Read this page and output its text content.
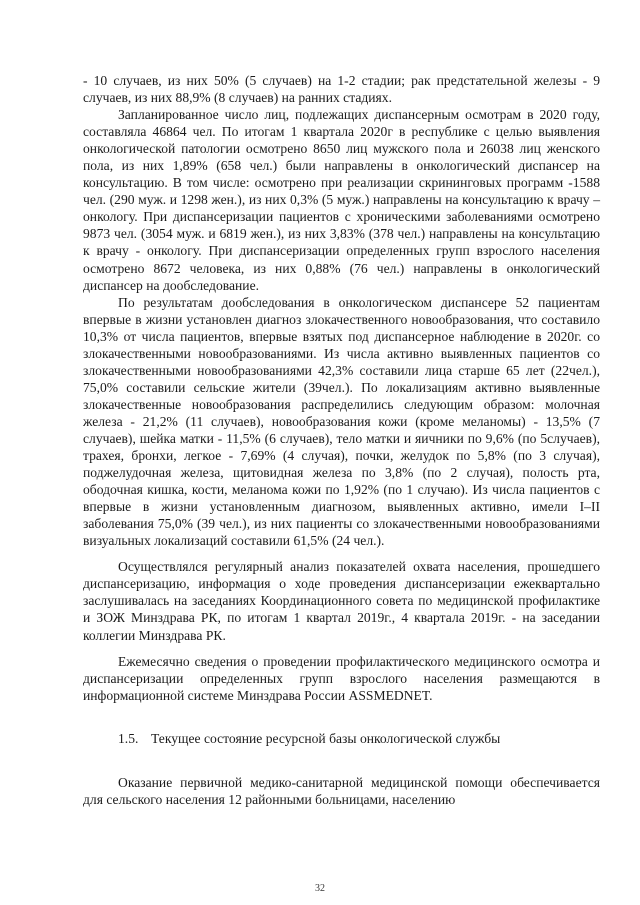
- 10 случаев, из них 50% (5 случаев) на 1-2 стадии; рак предстательной железы - 9 случаев, из них 88,9% (8 случаев) на ранних стадиях.

Запланированное число лиц, подлежащих диспансерным осмотрам в 2020 году, составляла 46864 чел. По итогам 1 квартала 2020г в республике с целью выявления онкологической патологии осмотрено 8650 лиц мужского пола и 26038 лиц женского пола, из них 1,89% (658 чел.) были направлены в онкологический диспансер на консультацию. В том числе: осмотрено при реализации скрининговых программ -1588 чел. (290 муж. и 1298 жен.), из них 0,3% (5 муж.) направлены на консультацию к врачу – онкологу. При диспансеризации пациентов с хроническими заболеваниями осмотрено 9873 чел. (3054 муж. и 6819 жен.), из них 3,83% (378 чел.) направлены на консультацию к врачу - онкологу. При диспансеризации определенных групп взрослого населения осмотрено 8672 человека, из них 0,88% (76 чел.) направлены в онкологический диспансер на дообследование.

По результатам дообследования в онкологическом диспансере 52 пациентам впервые в жизни установлен диагноз злокачественного новообразования, что составило 10,3% от числа пациентов, впервые взятых под диспансерное наблюдение в 2020г. со злокачественными новообразованиями. Из числа активно выявленных пациентов со злокачественными новообразованиями 42,3% составили лица старше 65 лет (22чел.), 75,0% составили сельские жители (39чел.). По локализациям активно выявленные злокачественные новообразования распределились следующим образом: молочная железа - 21,2% (11 случаев), новообразования кожи (кроме меланомы) - 13,5% (7 случаев), шейка матки - 11,5% (6 случаев), тело матки и яичники по 9,6% (по 5случаев), трахея, бронхи, легкое - 7,69% (4 случая), почки, желудок по 5,8% (по 3 случая), поджелудочная железа, щитовидная железа по 3,8% (по 2 случая), полость рта, ободочная кишка, кости, меланома кожи по 1,92% (по 1 случаю). Из числа пациентов с впервые в жизни установленным диагнозом, выявленных активно, имели I–II заболевания 75,0% (39 чел.), из них пациенты со злокачественными новообразованиями визуальных локализаций составили 61,5% (24 чел.).

Осуществлялся регулярный анализ показателей охвата населения, прошедшего диспансеризацию, информация о ходе проведения диспансеризации ежеквартально заслушивалась на заседаниях Координационного совета по медицинской профилактике и ЗОЖ Минздрава РК, по итогам 1 квартал 2019г., 4 квартала 2019г. - на заседании коллегии Минздрава РК.

Ежемесячно сведения о проведении профилактического медицинского осмотра и диспансеризации определенных групп взрослого населения размещаются в информационной системе Минздрава России ASSMEDNET.

1.5. Текущее состояние ресурсной базы онкологической службы

Оказание первичной медико-санитарной медицинской помощи обеспечивается для сельского населения 12 районными больницами, населению

32
